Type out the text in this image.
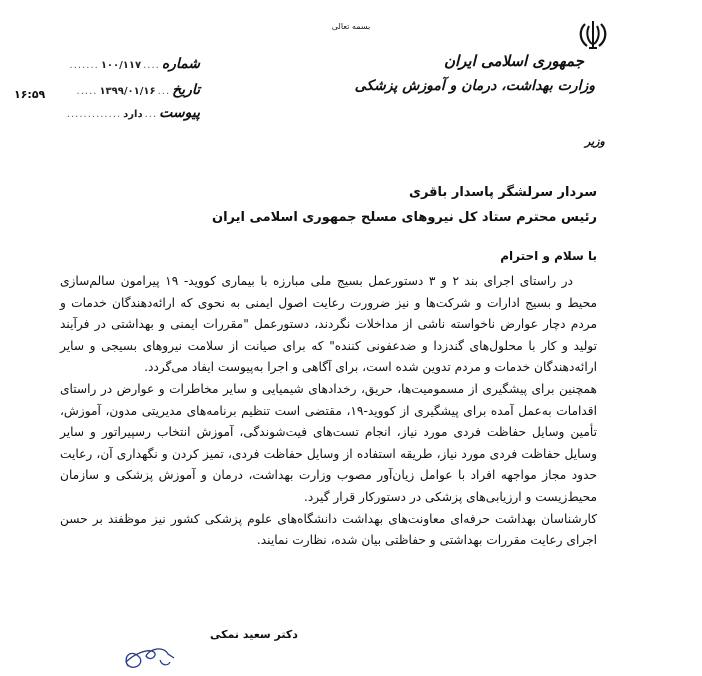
بسمه تعالی
جمهوری اسلامی ایران
وزارت بهداشت، درمان و آموزش پزشکی
وزیر
شماره
....
۱۰۰/۱۱۷
.......
تاریخ
...
۱۳۹۹/۰۱/۱۶
.....
پیوست
...
دارد
.............
۱۶:۵۹
سردار سرلشگر پاسدار باقری
رئیس محترم ستاد کل نیروهای مسلح جمهوری اسلامی ایران
با سلام و احترام

در راستای اجرای بند ۲ و ۳ دستورعمل بسیج ملی مبارزه با بیماری کووید- ۱۹ پیرامون سالم‌سازی محیط و بسیج ادارات و شرکت‌ها و نیز ضرورت رعایت اصول ایمنی به نحوی که ارائه‌دهندگان خدمات و مردم دچار عوارض ناخواسته ناشی از مداخلات نگردند، دستورعمل "مقررات ایمنی و بهداشتی در فرآیند تولید و کار با محلول‌های گندزدا و ضدعفونی کننده" که برای صیانت از سلامت نیروهای بسیجی و سایر ارائه‌دهندگان خدمات و مردم تدوین شده است، برای آگاهی و اجرا به‌پیوست ایفاد می‌گردد.

همچنین برای پیشگیری از مسمومیت‌ها، حریق، رخدادهای شیمیایی و سایر مخاطرات و عوارض در راستای اقدامات به‌عمل آمده برای پیشگیری از کووید-۱۹، مقتضی است تنظیم برنامه‌های مدیریتی مدون، آموزش، تأمین وسایل حفاظت فردی مورد نیاز، انجام تست‌های فیت‌شوندگی، آموزش انتخاب رسپیراتور و سایر وسایل حفاظت فردی مورد نیاز، طریقه استفاده از وسایل حفاظت فردی، تمیز کردن و نگهداری آن، رعایت حدود مجاز مواجهه افراد با عوامل زیان‌آور مصوب وزارت بهداشت، درمان و آموزش پزشکی و سازمان محیط‌زیست و ارزیابی‌های پزشکی در دستورکار قرار گیرد.

کارشناسان بهداشت حرفه‌ای معاونت‌های بهداشت دانشگاه‌های علوم پزشکی کشور نیز موظفند بر حسن اجرای رعایت مقررات بهداشتی و حفاظتی بیان شده، نظارت نمایند.

دکتر سعید نمکی
